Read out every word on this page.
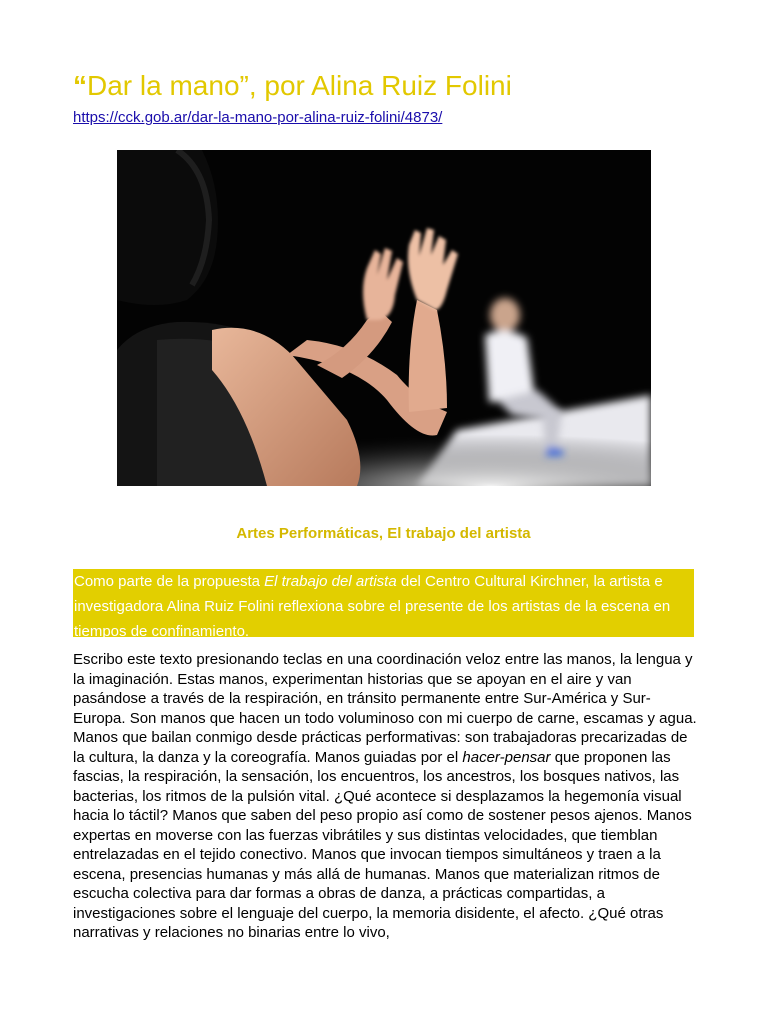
“Dar la mano”, por Alina Ruiz Folini
https://cck.gob.ar/dar-la-mano-por-alina-ruiz-folini/4873/
Artes Performáticas, El trabajo del artista
Como parte de la propuesta El trabajo del artista del Centro Cultural Kirchner, la artista e investigadora Alina Ruiz Folini reflexiona sobre el presente de los artistas de la escena en tiempos de confinamiento.

Escribo este texto presionando teclas en una coordinación veloz entre las manos, la lengua y la imaginación. Estas manos, experimentan historias que se apoyan en el aire y van pasándose a través de la respiración, en tránsito permanente entre Sur-América y Sur-Europa. Son manos que hacen un todo voluminoso con mi cuerpo de carne, escamas y agua. Manos que bailan conmigo desde prácticas performativas: son trabajadoras precarizadas de la cultura, la danza y la coreografía. Manos guiadas por el hacer-pensar que proponen las fascias, la respiración, la sensación, los encuentros, los ancestros, los bosques nativos, las bacterias, los ritmos de la pulsión vital. ¿Qué acontece si desplazamos la hegemonía visual hacia lo táctil? Manos que saben del peso propio así como de sostener pesos ajenos. Manos expertas en moverse con las fuerzas vibrátiles y sus distintas velocidades, que tiemblan entrelazadas en el tejido conectivo. Manos que invocan tiempos simultáneos y traen a la escena, presencias humanas y más allá de humanas. Manos que materializan ritmos de escucha colectiva para dar formas a obras de danza, a prácticas compartidas, a investigaciones sobre el lenguaje del cuerpo, la memoria disidente, el afecto. ¿Qué otras narrativas y relaciones no binarias entre lo vivo,
